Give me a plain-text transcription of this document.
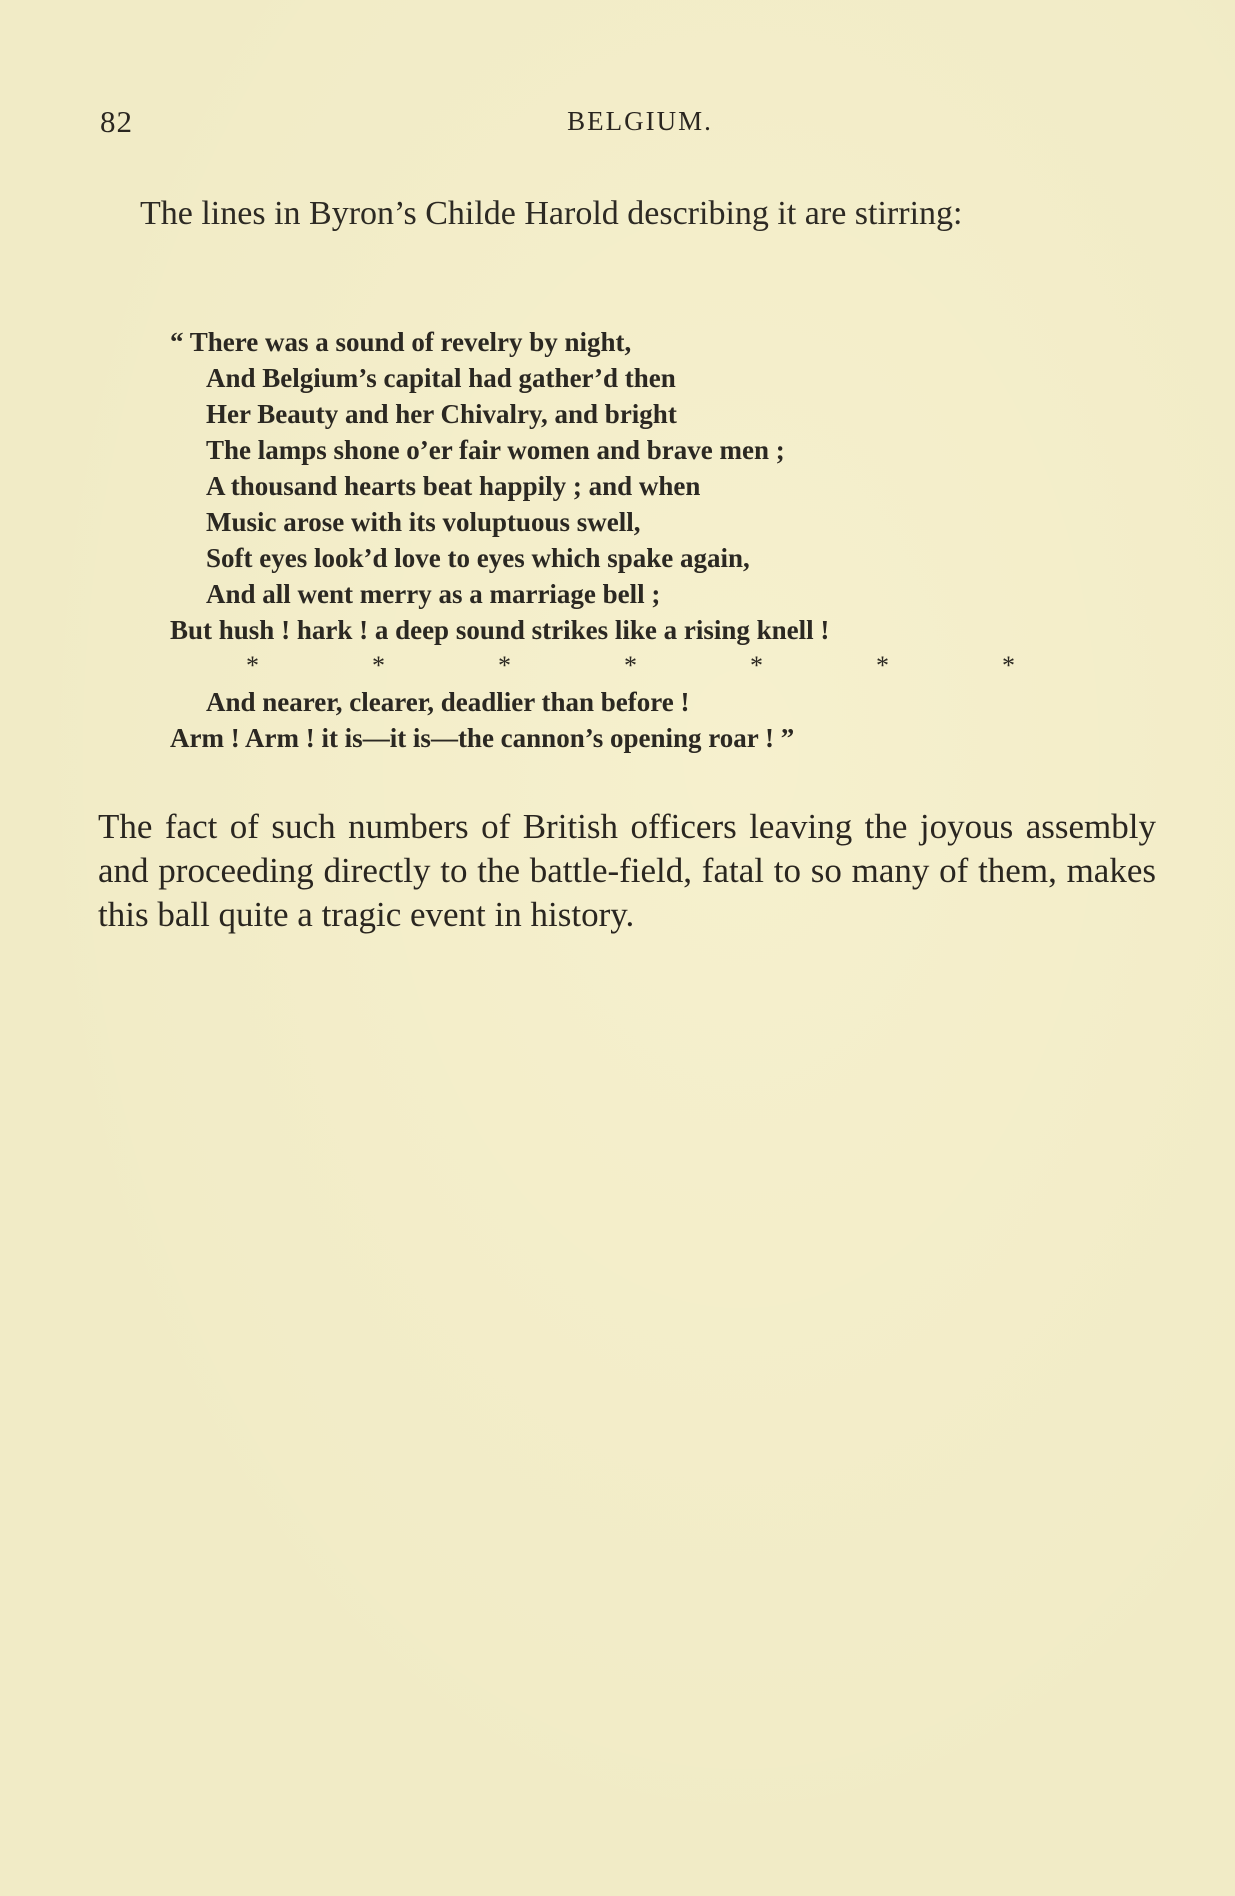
82	BELGIUM.
The lines in Byron’s Childe Harold describing it are stirring:
“ There was a sound of revelry by night,
And Belgium’s capital had gather’d then
Her Beauty and her Chivalry, and bright
The lamps shone o’er fair women and brave men ;
A thousand hearts beat happily ; and when
Music arose with its voluptuous swell,
Soft eyes look’d love to eyes which spake again,
And all went merry as a marriage bell ;
But hush ! hark ! a deep sound strikes like a rising knell !
*	*	*	*	*	*	*
And nearer, clearer, deadlier than before !
Arm ! Arm ! it is—it is—the cannon’s opening roar ! ”
The fact of such numbers of British officers leaving the joyous assembly and proceeding directly to the battle-field, fatal to so many of them, makes this ball quite a tragic event in history.
